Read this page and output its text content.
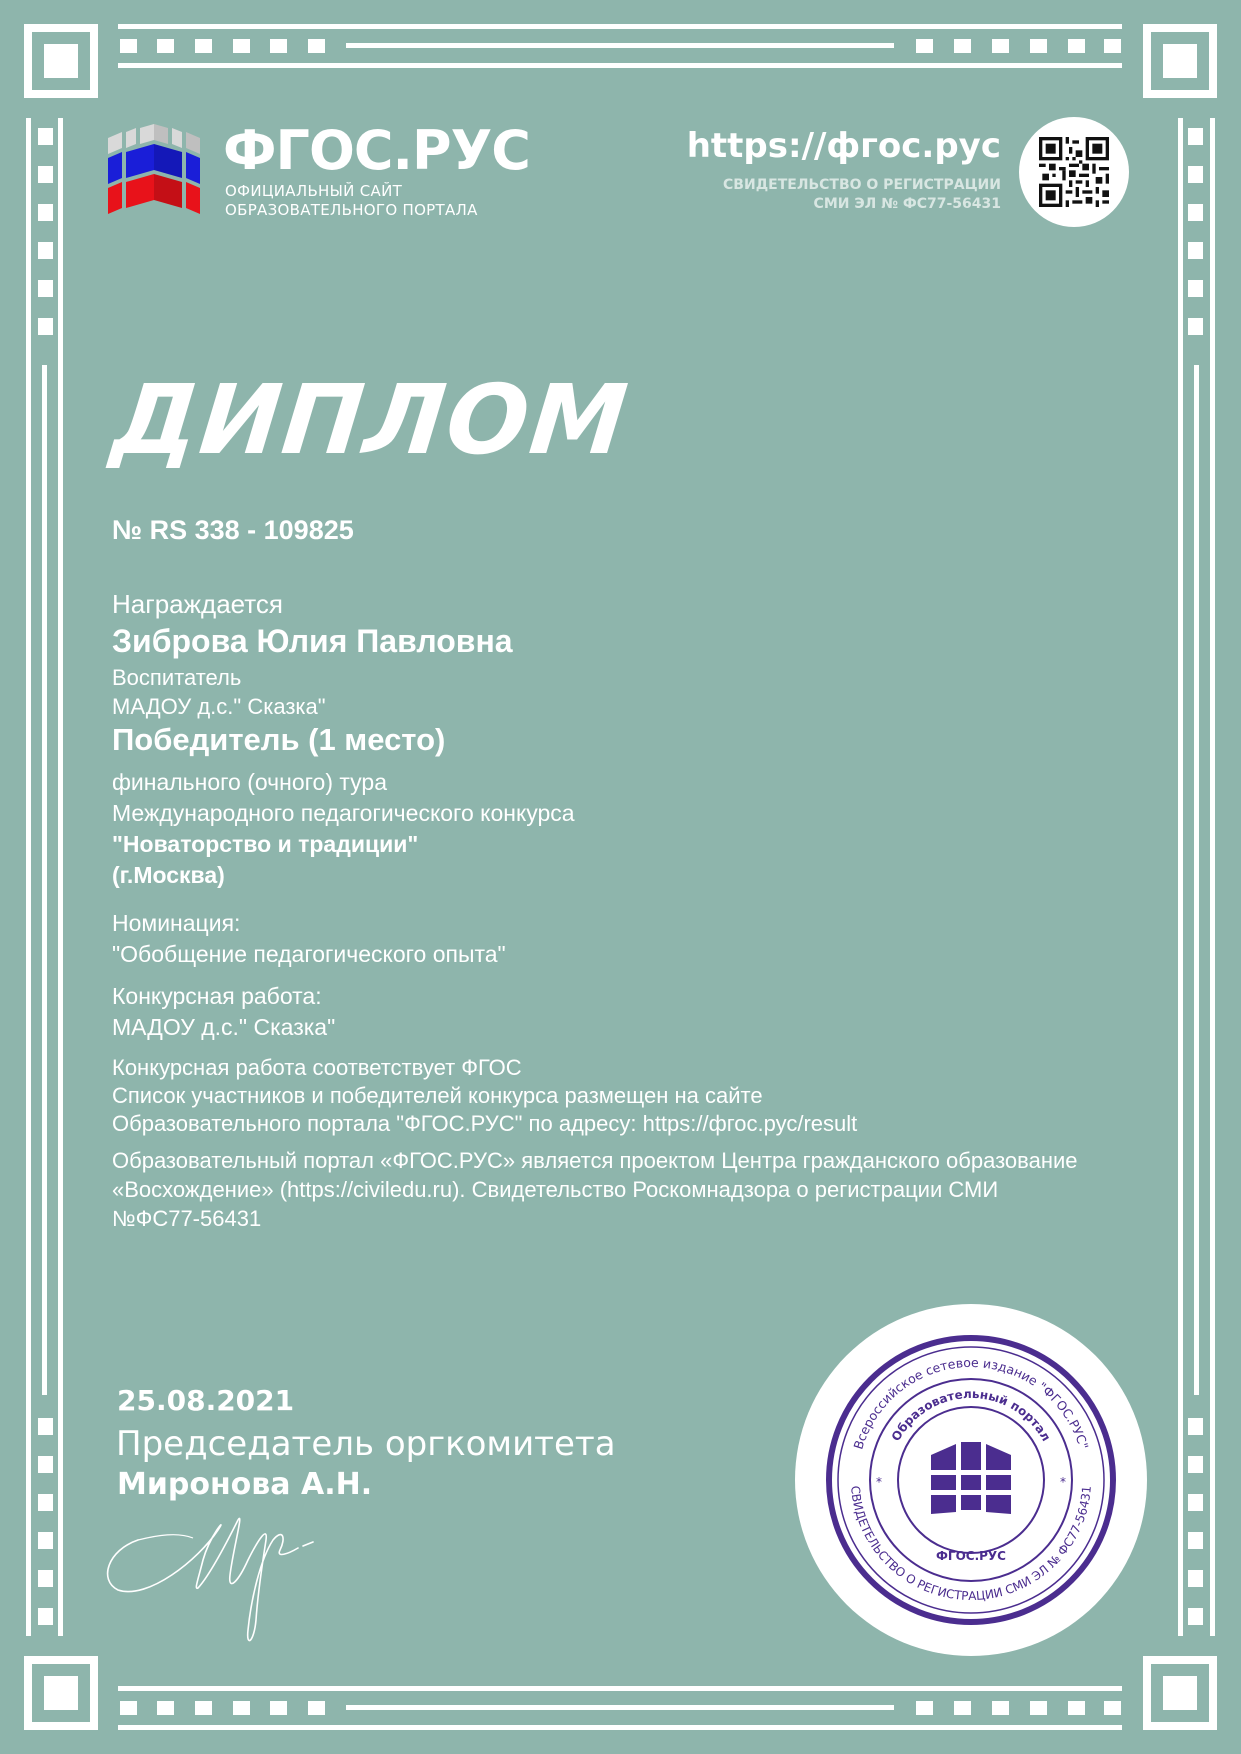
ФГОС.РУС
ОФИЦИАЛЬНЫЙ САЙТ
ОБРАЗОВАТЕЛЬНОГО ПОРТАЛА
https://фгос.рус
СВИДЕТЕЛЬСТВО О РЕГИСТРАЦИИ
СМИ ЭЛ № ФС77-56431
ДИПЛОМ
№ RS 338 - 109825
Награждается
Зиброва Юлия Павловна
Воспитатель
МАДОУ д.с." Сказка"
Победитель (1 место)
финального (очного) тура
Международного педагогического конкурса
"Новаторство и традиции"
(г.Москва)
Номинация:
"Обобщение педагогического опыта"
Конкурсная работа:
МАДОУ д.с." Сказка"
Конкурсная работа соответствует ФГОС
Список участников и победителей конкурса размещен на сайте
Образовательного портала "ФГОС.РУС" по адресу: https://фгос.рус/result
Образовательный портал «ФГОС.РУС» является проектом Центра гражданского образование
«Восхождение» (https://civiledu.ru). Свидетельство Роскомнадзора о регистрации СМИ
№ФС77-56431
25.08.2021
Председатель оргкомитета
Миронова А.Н.
Всероссийское сетевое издание "ФГОС.РУС"
СВИДЕТЕЛЬСТВО О РЕГИСТРАЦИИ СМИ ЭЛ № ФС77-56431
Образовательный портал
*	*
ФГОС.РУС
